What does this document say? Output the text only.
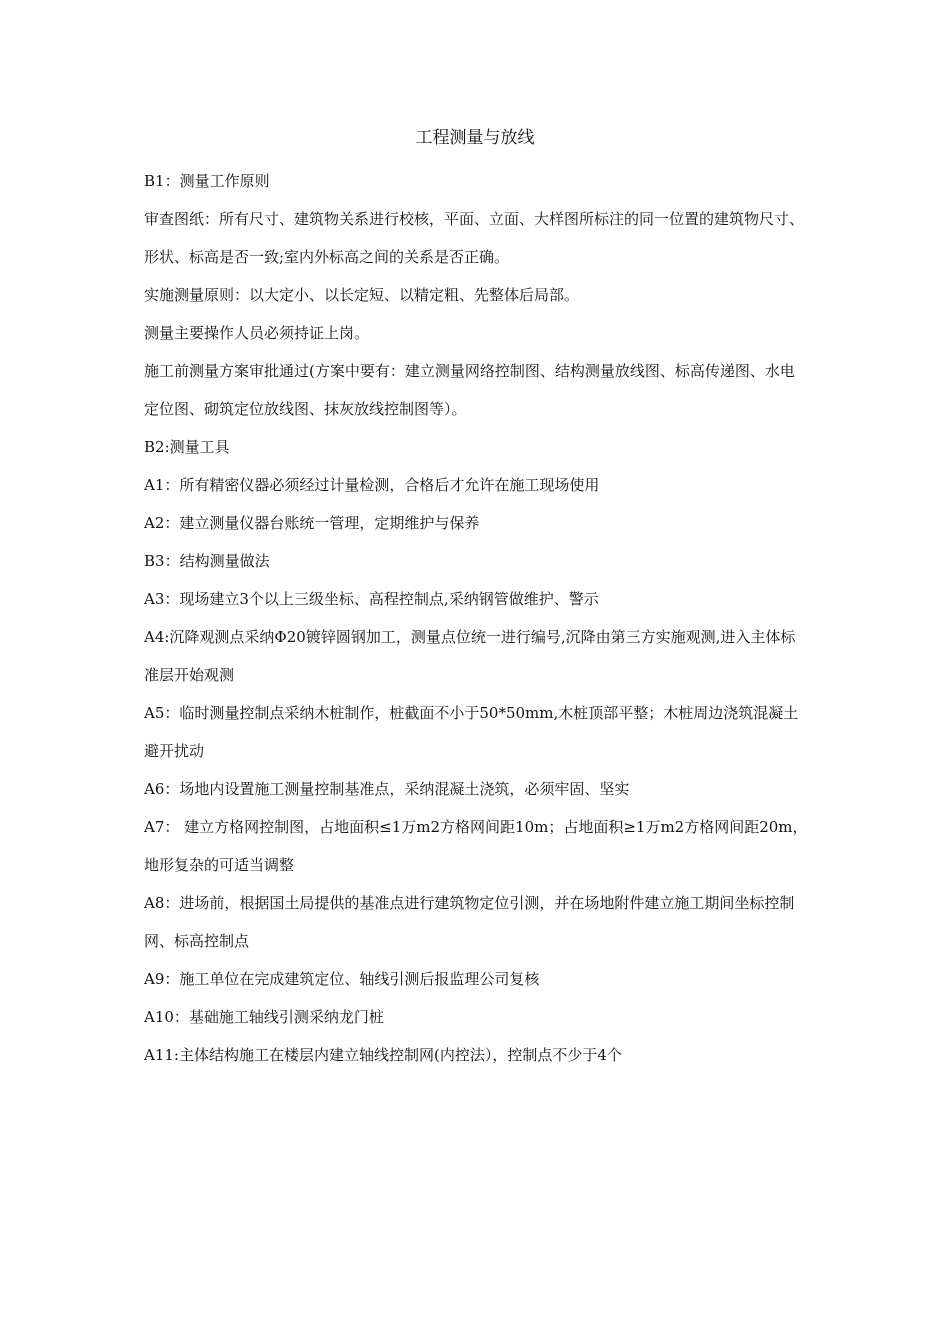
工程测量与放线

B1：测量工作原则

审查图纸：所有尺寸、建筑物关系进行校核，平面、立面、大样图所标注的同一位置的建筑物尺寸、形状、标高是否一致;室内外标高之间的关系是否正确。

实施测量原则：以大定小、以长定短、以精定粗、先整体后局部。

测量主要操作人员必须持证上岗。

施工前测量方案审批通过(方案中要有：建立测量网络控制图、结构测量放线图、标高传递图、水电定位图、砌筑定位放线图、抹灰放线控制图等）。

B2:测量工具

A1：所有精密仪器必须经过计量检测，合格后才允许在施工现场使用

A2：建立测量仪器台账统一管理，定期维护与保养

B3：结构测量做法

A3：现场建立3个以上三级坐标、高程控制点,采纳钢管做维护、警示

A4:沉降观测点采纳Φ20镀锌圆钢加工，测量点位统一进行编号,沉降由第三方实施观测,进入主体标准层开始观测

A5：临时测量控制点采纳木桩制作，桩截面不小于50*50mm,木桩顶部平整；木桩周边浇筑混凝土避开扰动

A6：场地内设置施工测量控制基准点，采纳混凝土浇筑，必须牢固、坚实

A7： 建立方格网控制图，占地面积≤1万m2方格网间距10m；占地面积≥1万m2方格网间距20m，地形复杂的可适当调整

A8：进场前，根据国土局提供的基准点进行建筑物定位引测，并在场地附件建立施工期间坐标控制网、标高控制点

A9：施工单位在完成建筑定位、轴线引测后报监理公司复核

A10：基础施工轴线引测采纳龙门桩

A11:主体结构施工在楼层内建立轴线控制网(内控法），控制点不少于4个
